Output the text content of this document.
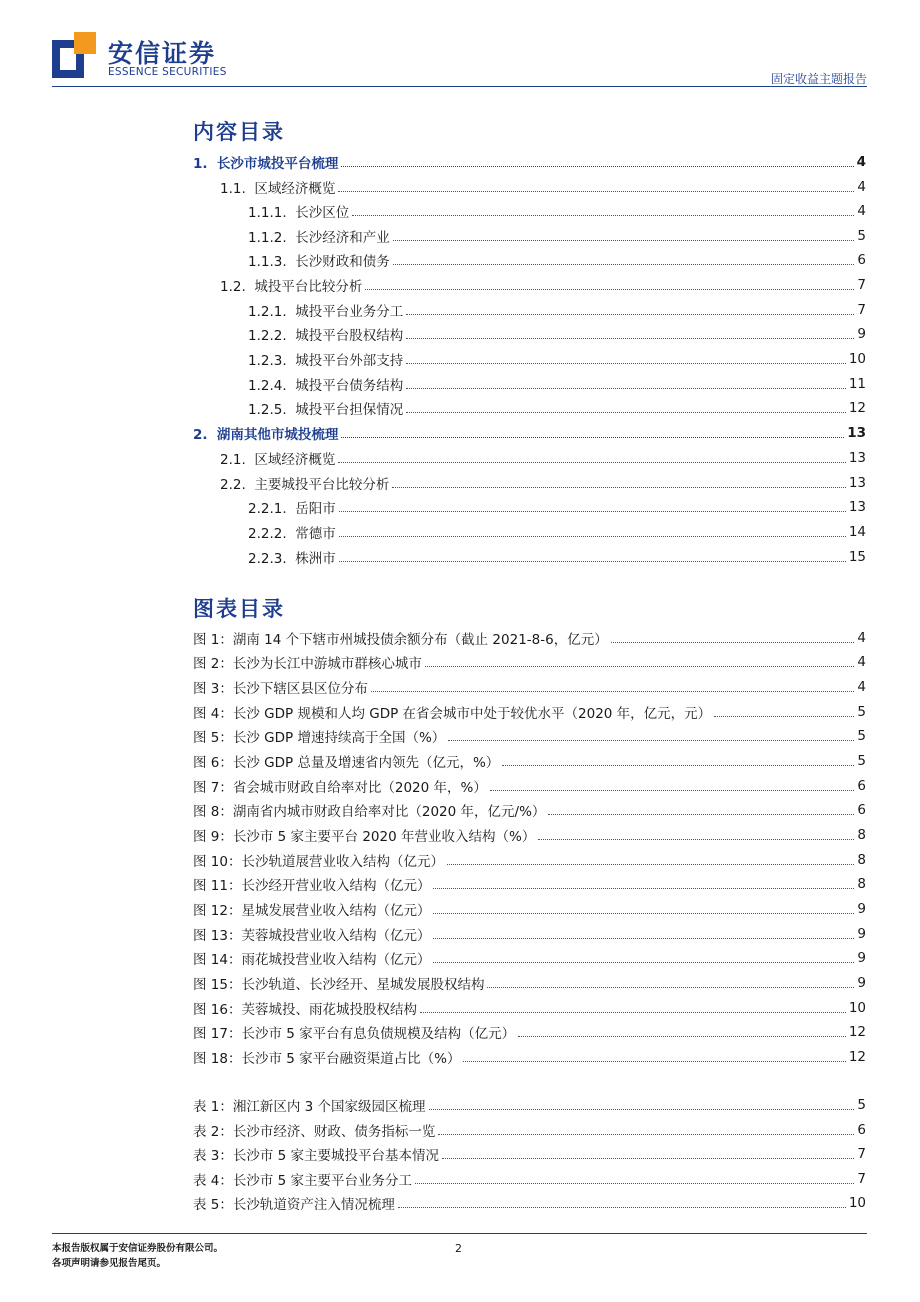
安信证券
ESSENCE SECURITIES	固定收益主题报告
内容目录
1.  长沙市城投平台梳理	4
1.1.  区域经济概览	4
1.1.1.  长沙区位	4
1.1.2.  长沙经济和产业	5
1.1.3.  长沙财政和债务	6
1.2.  城投平台比较分析	7
1.2.1.  城投平台业务分工	7
1.2.2.  城投平台股权结构	9
1.2.3.  城投平台外部支持	10
1.2.4.  城投平台债务结构	11
1.2.5.  城投平台担保情况	12
2.  湖南其他市城投梳理	13
2.1.  区域经济概览	13
2.2.  主要城投平台比较分析	13
2.2.1.  岳阳市	13
2.2.2.  常德市	14
2.2.3.  株洲市	15
图表目录
图 1：湖南 14 个下辖市州城投债余额分布（截止 2021-8-6，亿元）	4
图 2：长沙为长江中游城市群核心城市	4
图 3：长沙下辖区县区位分布	4
图 4：长沙 GDP 规模和人均 GDP 在省会城市中处于较优水平（2020 年，亿元，元）	5
图 5：长沙 GDP 增速持续高于全国（%）	5
图 6：长沙 GDP 总量及增速省内领先（亿元，%）	5
图 7：省会城市财政自给率对比（2020 年，%）	6
图 8：湖南省内城市财政自给率对比（2020 年，亿元/%）	6
图 9：长沙市 5 家主要平台 2020 年营业收入结构（%）	8
图 10：长沙轨道展营业收入结构（亿元）	8
图 11：长沙经开营业收入结构（亿元）	8
图 12：星城发展营业收入结构（亿元）	9
图 13：芙蓉城投营业收入结构（亿元）	9
图 14：雨花城投营业收入结构（亿元）	9
图 15：长沙轨道、长沙经开、星城发展股权结构	9
图 16：芙蓉城投、雨花城投股权结构	10
图 17：长沙市 5 家平台有息负债规模及结构（亿元）	12
图 18：长沙市 5 家平台融资渠道占比（%）	12
表 1：湘江新区内 3 个国家级园区梳理	5
表 2：长沙市经济、财政、债务指标一览	6
表 3：长沙市 5 家主要城投平台基本情况	7
表 4：长沙市 5 家主要平台业务分工	7
表 5：长沙轨道资产注入情况梳理	10
本报告版权属于安信证券股份有限公司。
各项声明请参见报告尾页。
2
